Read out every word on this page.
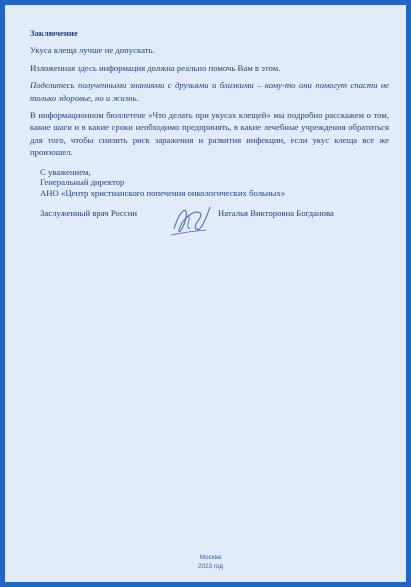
Заключение
Укуса клеща лучше не допускать.
Изложенная здесь информация должна реально помочь Вам в этом.
Поделитесь полученными знаниями с друзьями и близкими – кому-то они помогут спасти не только здоровье, но и жизнь.
В информационном бюллетене «Что делать при укусах клещей» мы подробно расскажем о том, какие шаги и в какие сроки необходимо предпринять, в какие лечебные учреждения обратиться для того, чтобы снизить риск заражения и развития инфекции, если укус клеща все же произошел.
С уважением,
Генеральный директор
АНО «Центр христианского попечения онкологических больных»
Заслуженный врач России	Наталья Викторовна Богданова
Москва
2023 год
